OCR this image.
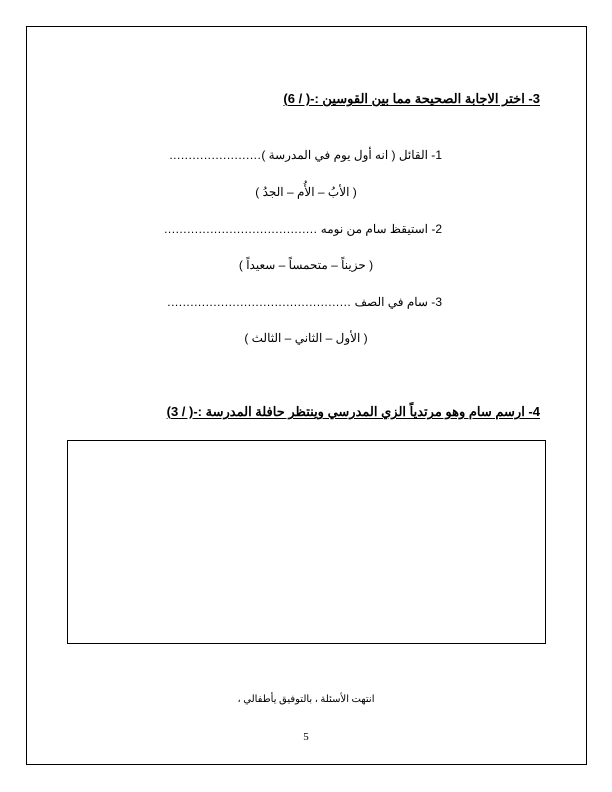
3- اختر الاجابة الصحيحة مما بين القوسين :-( / 6)
1- القائل ( انه أول يوم في المدرسة )........................
( الأبُ – الأُم – الجدُ )
2- استيقظ سام من نومه ........................................
( حزيناً – متحمساً – سعيداً )
3- سام في الصف ................................................
( الأول – الثاني – الثالث )
4- ارسم سام وهو مرتدياً الزي المدرسي وينتظر حافلة المدرسة :-( / 3)
انتهت الأسئلة ، بالتوفيق يأطفالي ،
5
